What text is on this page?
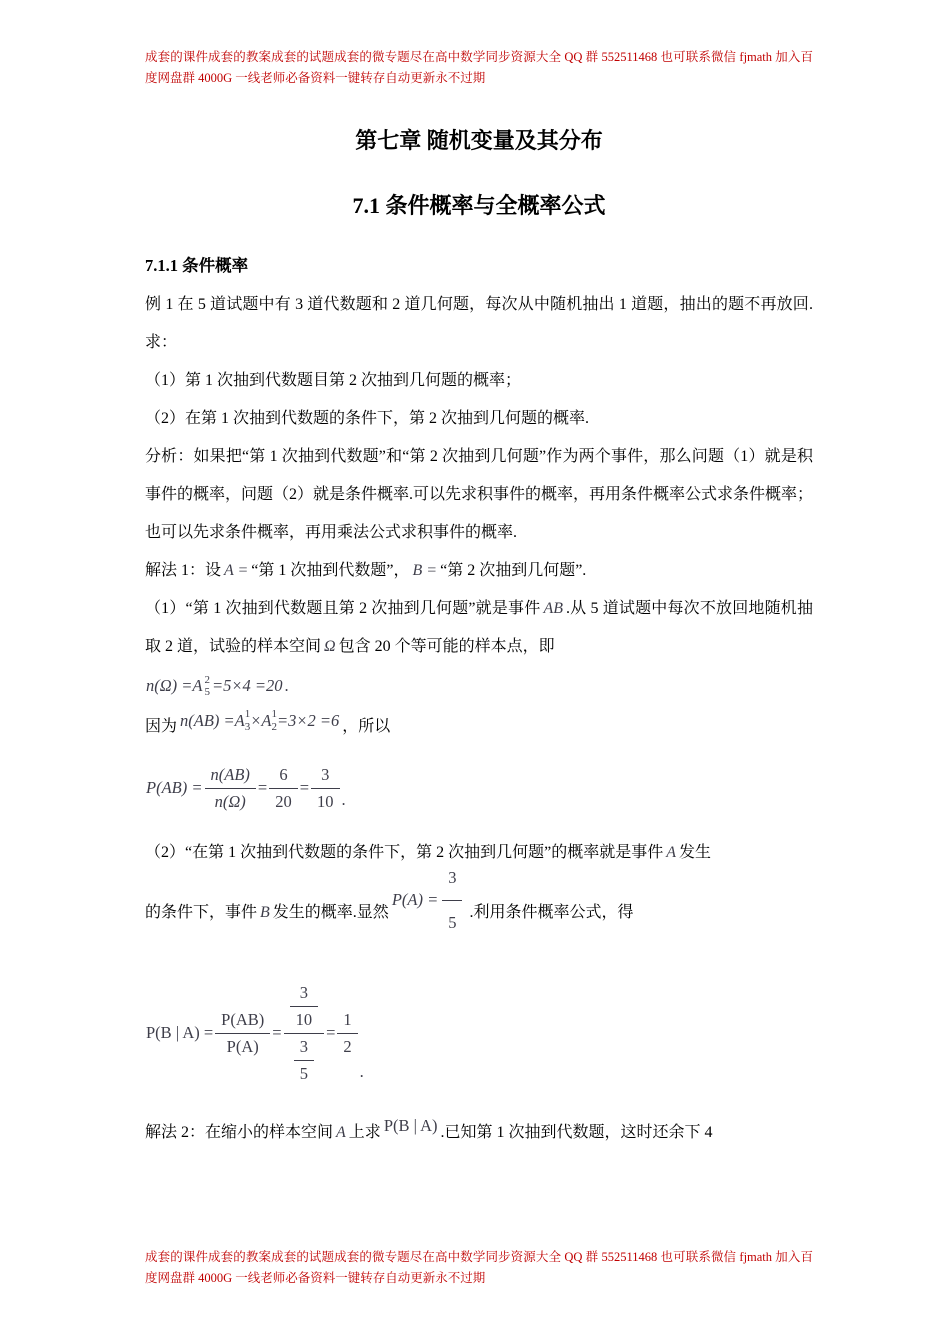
成套的课件成套的教案成套的试题成套的微专题尽在高中数学同步资源大全 QQ 群 552511468 也可联系微信 fjmath 加入百度网盘群 4000G 一线老师必备资料一键转存自动更新永不过期
第七章 随机变量及其分布
7.1 条件概率与全概率公式
7.1.1 条件概率

例 1 在 5 道试题中有 3 道代数题和 2 道几何题，每次从中随机抽出 1 道题，抽出的题不再放回.求：

（1）第 1 次抽到代数题目第 2 次抽到几何题的概率；

（2）在第 1 次抽到代数题的条件下，第 2 次抽到几何题的概率.

分析：如果把“第 1 次抽到代数题”和“第 2 次抽到几何题”作为两个事件，那么问题（1）就是积事件的概率，问题（2）就是条件概率.可以先求积事件的概率，再用条件概率公式求条件概率；也可以先求条件概率，再用乘法公式求积事件的概率.

解法 1：设 A = “第 1 次抽到代数题”， B = “第 2 次抽到几何题”.

（1）“第 1 次抽到代数题且第 2 次抽到几何题”就是事件 AB .从 5 道试题中每次不放回地随机抽取 2 道，试验的样本空间 Ω 包含 20 个等可能的样本点，即

n(Ω) =A 2
5 =5×4 =20 .

因为 n(AB) =A 1
3 ×A 1
2 =3×2 =6 ，所以

$P(AB) = \frac{n(AB)}{n(\Omega)} = \frac{6}{20} = \frac{3}{10}$ .

（2）“在第 1 次抽到代数题的条件下，第 2 次抽到几何题”的概率就是事件 A 发生

的条件下，事件 B 发生的概率.显然
$P(A) = \frac{3}{5}$ .利用条件概率公式，得

P(B | $A) = \frac{P(AB)}{P(A)} = \frac{\frac{3}{10}}{\frac{3}{5}} = \frac{1}{2}$
.

解法 2：在缩小的样本空间 A 上求 P(B | A) .已知第 1 次抽到代数题，这时还余下 4

成套的课件成套的教案成套的试题成套的微专题尽在高中数学同步资源大全 QQ 群 552511468 也可联系微信 fjmath 加入百度网盘群 4000G 一线老师必备资料一键转存自动更新永不过期
